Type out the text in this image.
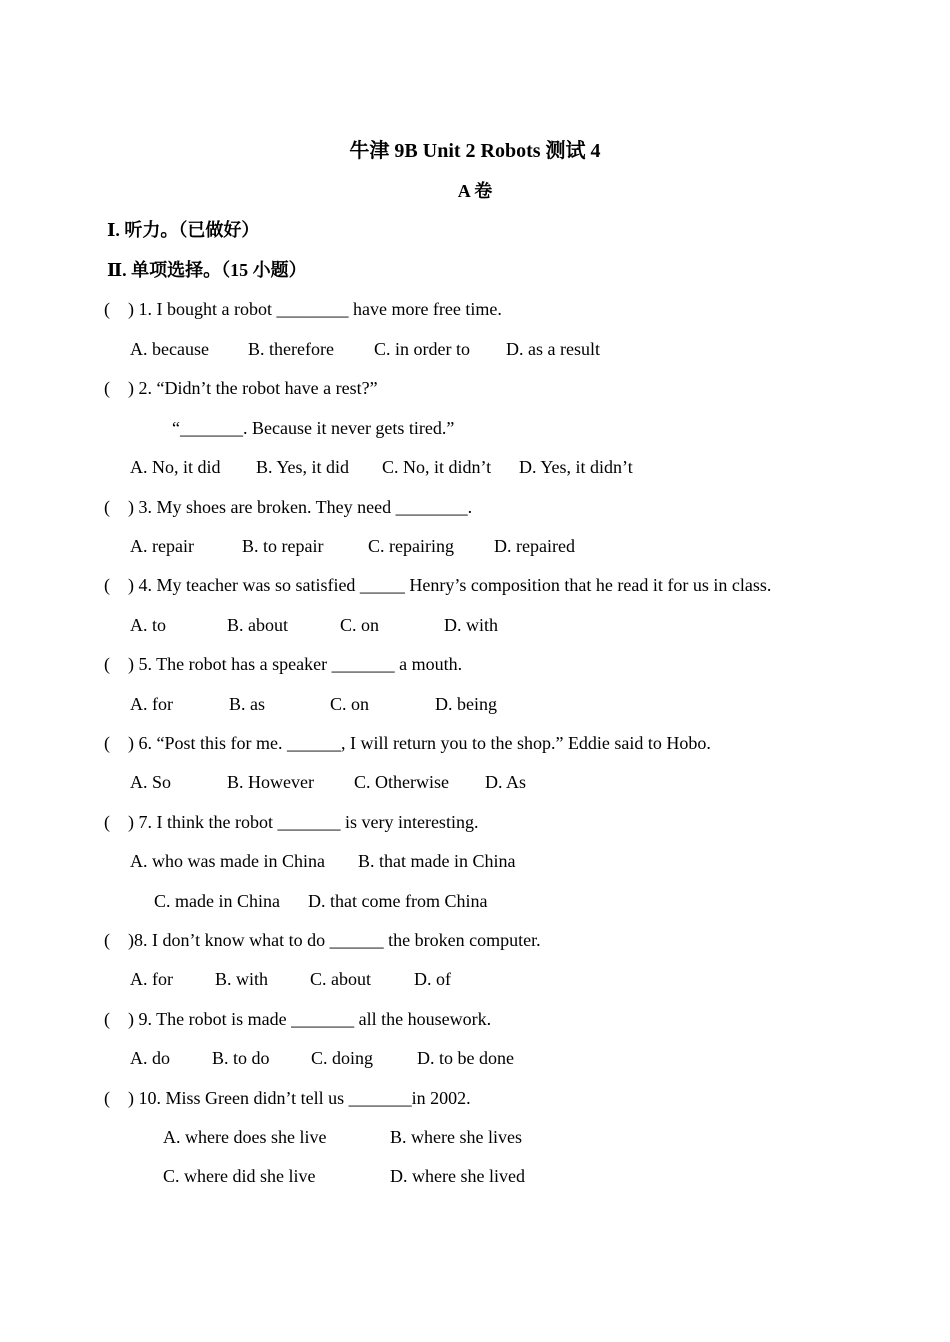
牛津 9B Unit 2 Robots 测试 4
A 卷
Ⅰ. 听力。（已做好）
Ⅱ. 单项选择。（15 小题）
(    ) 1. I bought a robot ________ have more free time.
A. because B. therefore C. in order to D. as a result
(    ) 2. “Didn’t the robot have a rest?”
“_______. Because it never gets tired.”
A. No, it did B. Yes, it did C. No, it didn’t D. Yes, it didn’t
(    ) 3. My shoes are broken. They need ________.
A. repair	B. to repair C. repairing D. repaired
(    ) 4. My teacher was so satisfied _____ Henry’s composition that he read it for us in class.
A. to	B. about	C. on	D. with
(    ) 5. The robot has a speaker _______ a mouth.
A. for	B. as	C. on	D. being
(    ) 6. “Post this for me. ______, I will return you to the shop.” Eddie said to Hobo.
A. So	B. However C. Otherwise D. As
(    ) 7. I think the robot _______ is very interesting.
A. who was made in China B. that made in China
C. made in China D. that come from China
(    )8. I don’t know what to do ______ the broken computer.
A. for B. with C. about D. of
(    ) 9. The robot is made _______ all the housework.
A. do B. to do C. doing D. to be done
(    ) 10. Miss Green didn’t tell us _______in 2002.
A. where does she live	B. where she lives
C. where did she live	D. where she lived
